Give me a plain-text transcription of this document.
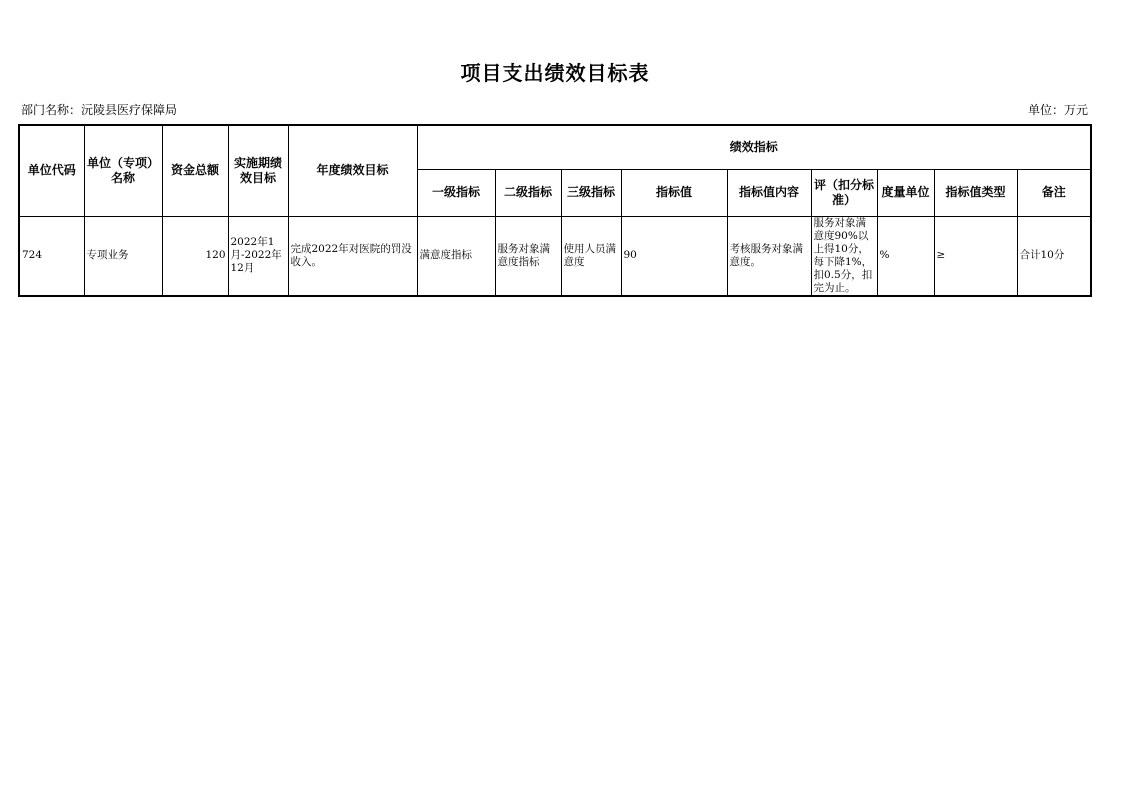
项目支出绩效目标表
部门名称：沅陵县医疗保障局	单位：万元
单位代码	单位（专项）名称	资金总额	实施期绩效目标	年度绩效目标	绩效指标								
					一级指标	二级指标	三级指标	指标值	指标值内容	评（扣分标准）	度量单位	指标值类型	备注
724	专项业务	120	2022年1月-2022年12月	完成2022年对医院的罚没收入。	满意度指标	服务对象满意度指标	使用人员满意度	90	考核服务对象满意度。	服务对象满意度90%以上得10分，每下降1%，扣0.5分，扣完为止。	%	≥	合计10分
